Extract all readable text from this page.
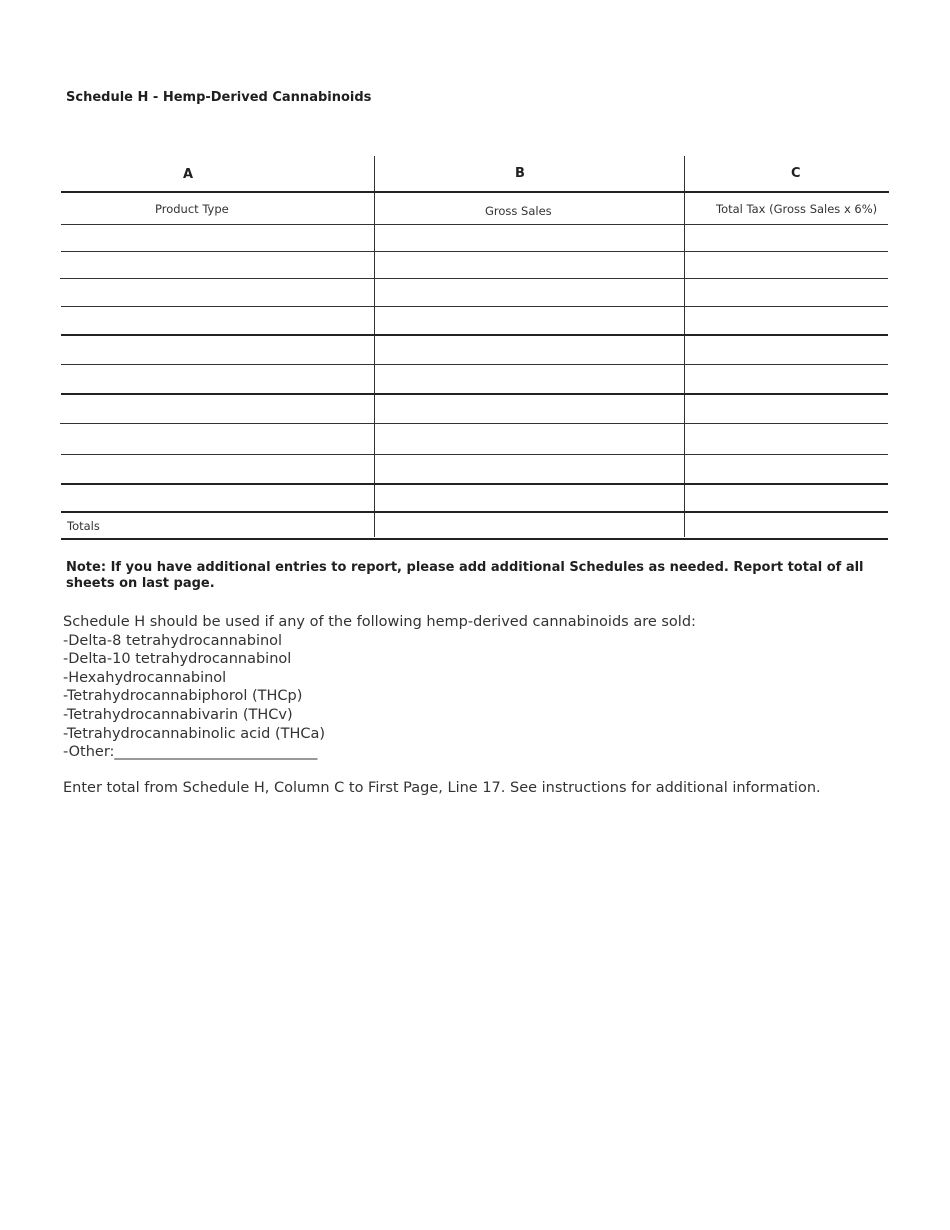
Schedule H - Hemp-Derived Cannabinoids
A	B	C
Product Type	Gross Sales	Total Tax (Gross Sales x 6%)
Totals
Note: If you have additional entries to report, please add additional Schedules as needed. Report total of all sheets on last page.
Schedule H should be used if any of the following hemp-derived cannabinoids are sold:
-Delta-8 tetrahydrocannabinol
-Delta-10 tetrahydrocannabinol
-Hexahydrocannabinol
-Tetrahydrocannabiphorol (THCp)
-Tetrahydrocannabivarin (THCv)
-Tetrahydrocannabinolic acid (THCa)
-Other:____________________________
Enter total from Schedule H, Column C to First Page, Line 17. See instructions for additional information.
